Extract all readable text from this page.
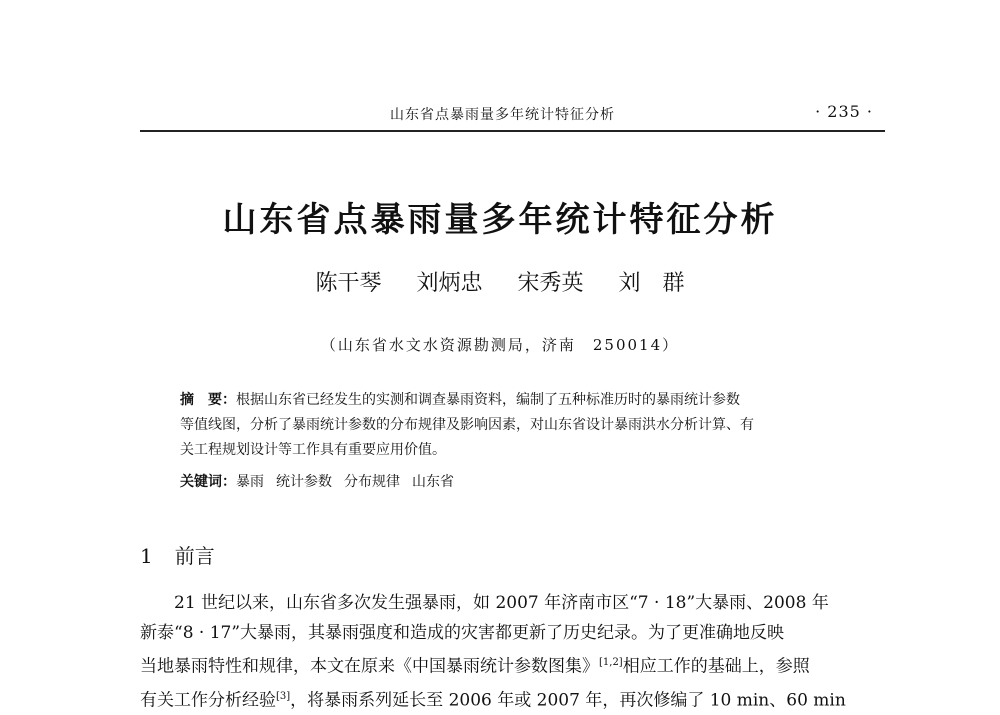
山东省点暴雨量多年统计特征分析	· 235 ·
山东省点暴雨量多年统计特征分析
陈干琴 刘炳忠 宋秀英 刘　群
（山东省水文水资源勘测局，济南　250014）
摘　要：根据山东省已经发生的实测和调查暴雨资料，编制了五种标准历时的暴雨统计参数
等值线图，分析了暴雨统计参数的分布规律及影响因素，对山东省设计暴雨洪水分析计算、有
关工程规划设计等工作具有重要应用价值。
关键词：暴雨 统计参数 分布规律 山东省
1 前言

21 世纪以来，山东省多次发生强暴雨，如 2007 年济南市区“7 · 18”大暴雨、2008 年

新泰“8 · 17”大暴雨，其暴雨强度和造成的灾害都更新了历史纪录。为了更准确地反映
当地暴雨特性和规律，本文在原来《中国暴雨统计参数图集》[1,2]相应工作的基础上，参照
有关工作分析经验[3]，将暴雨系列延长至 2006 年或 2007 年，再次修编了 10 min、60 min
